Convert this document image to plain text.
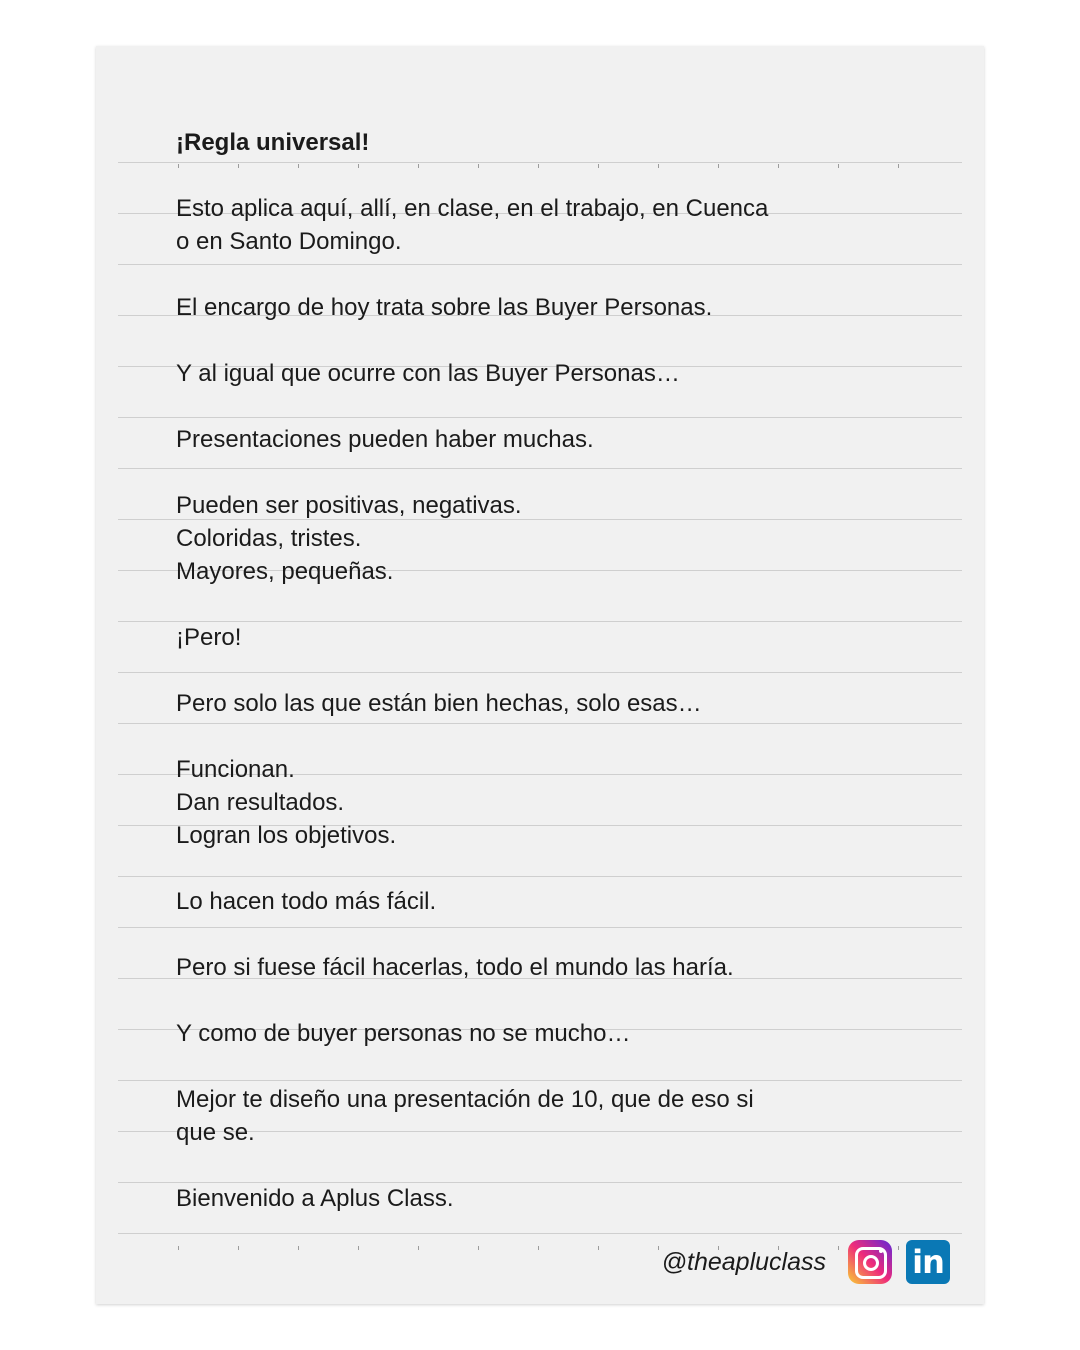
¡Regla universal!
Esto aplica aquí, allí, en clase, en el trabajo, en Cuenca
o en Santo Domingo.
El encargo de hoy trata sobre las Buyer Personas.
Y al igual que ocurre con las Buyer Personas…
Presentaciones pueden haber muchas.
Pueden ser positivas, negativas.
Coloridas, tristes.
Mayores, pequeñas.
¡Pero!
Pero solo las que están bien hechas, solo esas…
Funcionan.
Dan resultados.
Logran los objetivos.
Lo hacen todo más fácil.
Pero si fuese fácil hacerlas, todo el mundo las haría.
Y como de buyer personas no se mucho…
Mejor te diseño una presentación de 10, que de eso si
que se.
Bienvenido a Aplus Class.
@theapluclass	in
